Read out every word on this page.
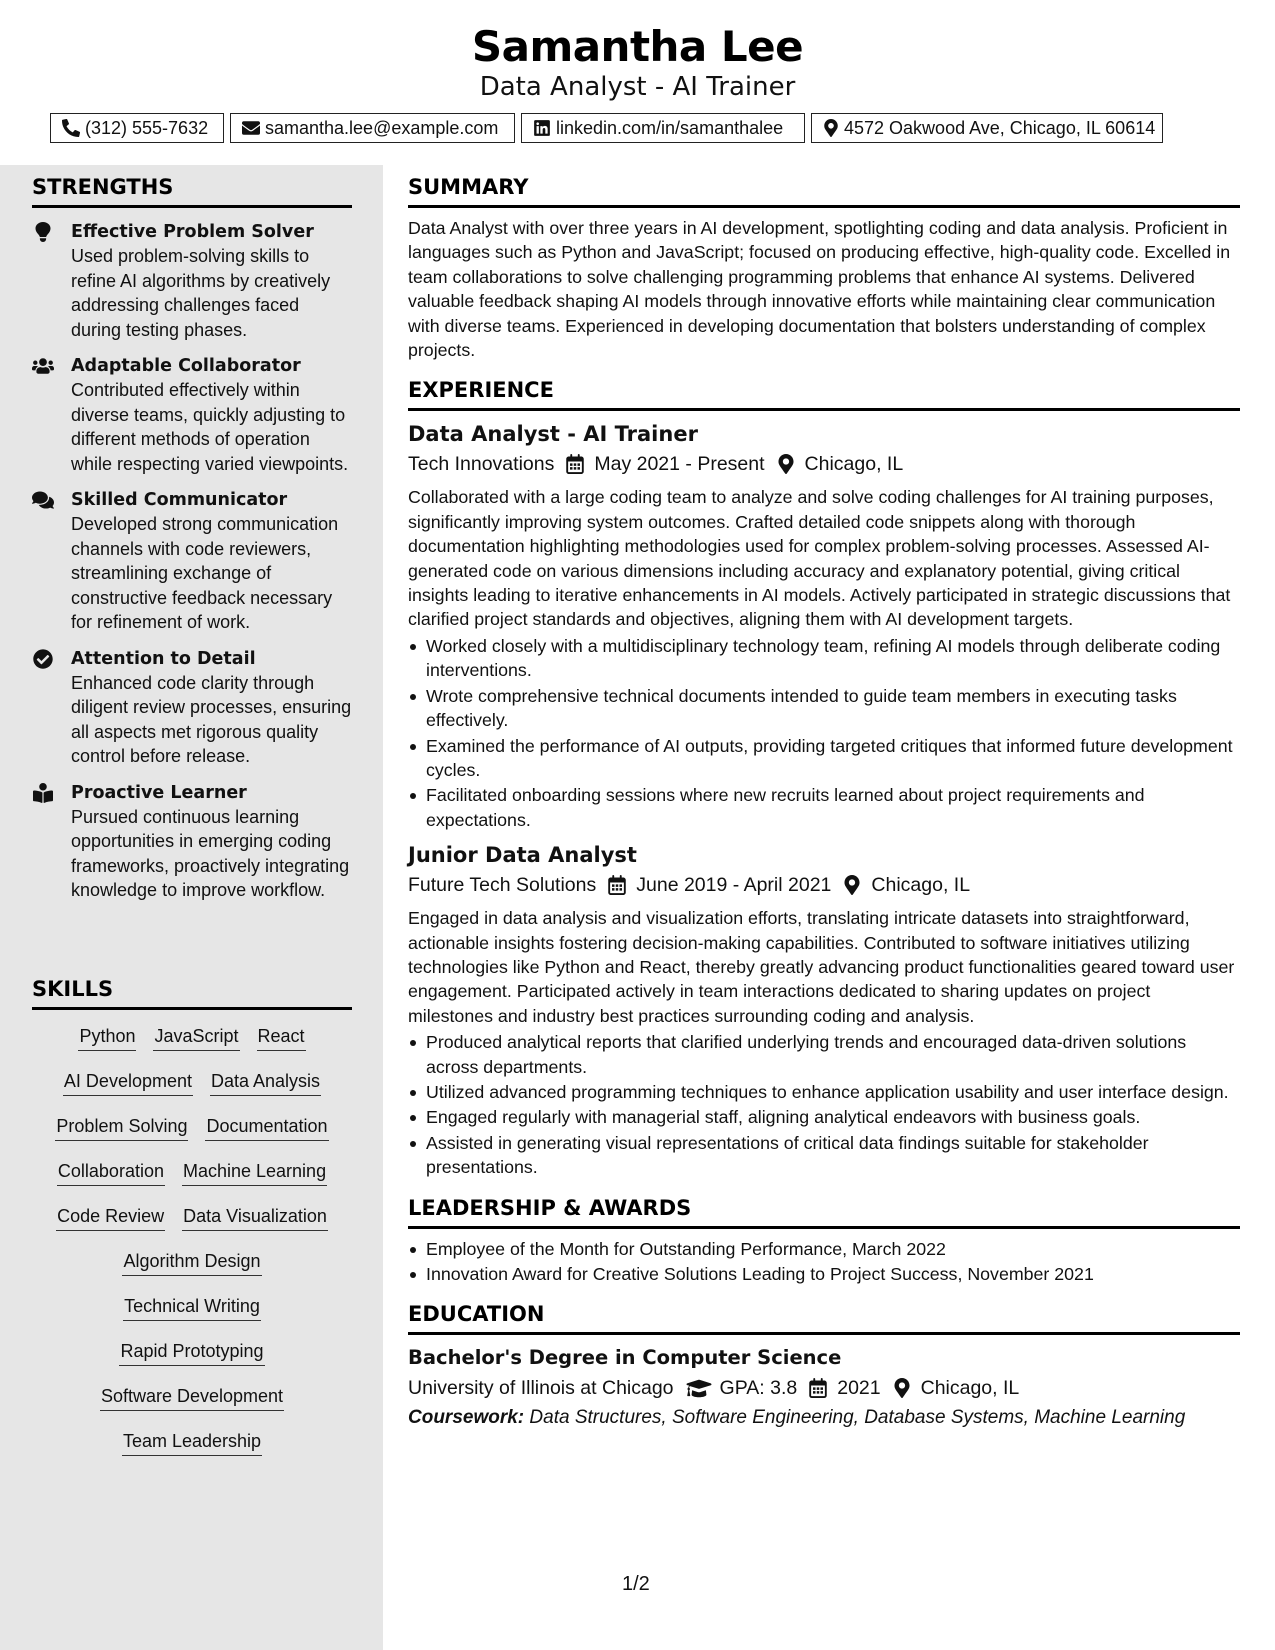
Samantha Lee
Data Analyst - AI Trainer
(312) 555-7632	samantha.lee@example.com	linkedin.com/in/samanthalee	4572 Oakwood Ave, Chicago, IL 60614
STRENGTHS
Effective Problem Solver
Used problem-solving skills to refine AI algorithms by creatively addressing challenges faced during testing phases.
Adaptable Collaborator
Contributed effectively within diverse teams, quickly adjusting to different methods of operation while respecting varied viewpoints.
Skilled Communicator
Developed strong communication channels with code reviewers, streamlining exchange of constructive feedback necessary for refinement of work.
Attention to Detail
Enhanced code clarity through diligent review processes, ensuring all aspects met rigorous quality control before release.
Proactive Learner
Pursued continuous learning opportunities in emerging coding frameworks, proactively integrating knowledge to improve workflow.
SKILLS
Python JavaScript React
AI Development Data Analysis
Problem Solving Documentation
Collaboration Machine Learning
Code Review Data Visualization
Algorithm Design
Technical Writing
Rapid Prototyping
Software Development
Team Leadership
SUMMARY
Data Analyst with over three years in AI development, spotlighting coding and data analysis. Proficient in languages such as Python and JavaScript; focused on producing effective, high-quality code. Excelled in team collaborations to solve challenging programming problems that enhance AI systems. Delivered valuable feedback shaping AI models through innovative efforts while maintaining clear communication with diverse teams. Experienced in developing documentation that bolsters understanding of complex projects.
EXPERIENCE
Data Analyst - AI Trainer
Tech Innovations May 2021 - Present Chicago, IL
Collaborated with a large coding team to analyze and solve coding challenges for AI training purposes, significantly improving system outcomes. Crafted detailed code snippets along with thorough documentation highlighting methodologies used for complex problem-solving processes. Assessed AI-generated code on various dimensions including accuracy and explanatory potential, giving critical insights leading to iterative enhancements in AI models. Actively participated in strategic discussions that clarified project standards and objectives, aligning them with AI development targets.
Worked closely with a multidisciplinary technology team, refining AI models through deliberate coding interventions.
Wrote comprehensive technical documents intended to guide team members in executing tasks effectively.
Examined the performance of AI outputs, providing targeted critiques that informed future development cycles.
Facilitated onboarding sessions where new recruits learned about project requirements and expectations.
Junior Data Analyst
Future Tech Solutions June 2019 - April 2021 Chicago, IL
Engaged in data analysis and visualization efforts, translating intricate datasets into straightforward, actionable insights fostering decision-making capabilities. Contributed to software initiatives utilizing technologies like Python and React, thereby greatly advancing product functionalities geared toward user engagement. Participated actively in team interactions dedicated to sharing updates on project milestones and industry best practices surrounding coding and analysis.
Produced analytical reports that clarified underlying trends and encouraged data-driven solutions across departments.
Utilized advanced programming techniques to enhance application usability and user interface design.
Engaged regularly with managerial staff, aligning analytical endeavors with business goals.
Assisted in generating visual representations of critical data findings suitable for stakeholder presentations.
LEADERSHIP & AWARDS
Employee of the Month for Outstanding Performance, March 2022
Innovation Award for Creative Solutions Leading to Project Success, November 2021
EDUCATION
Bachelor's Degree in Computer Science
University of Illinois at Chicago GPA: 3.8 2021 Chicago, IL
Coursework: Data Structures, Software Engineering, Database Systems, Machine Learning
1/2
